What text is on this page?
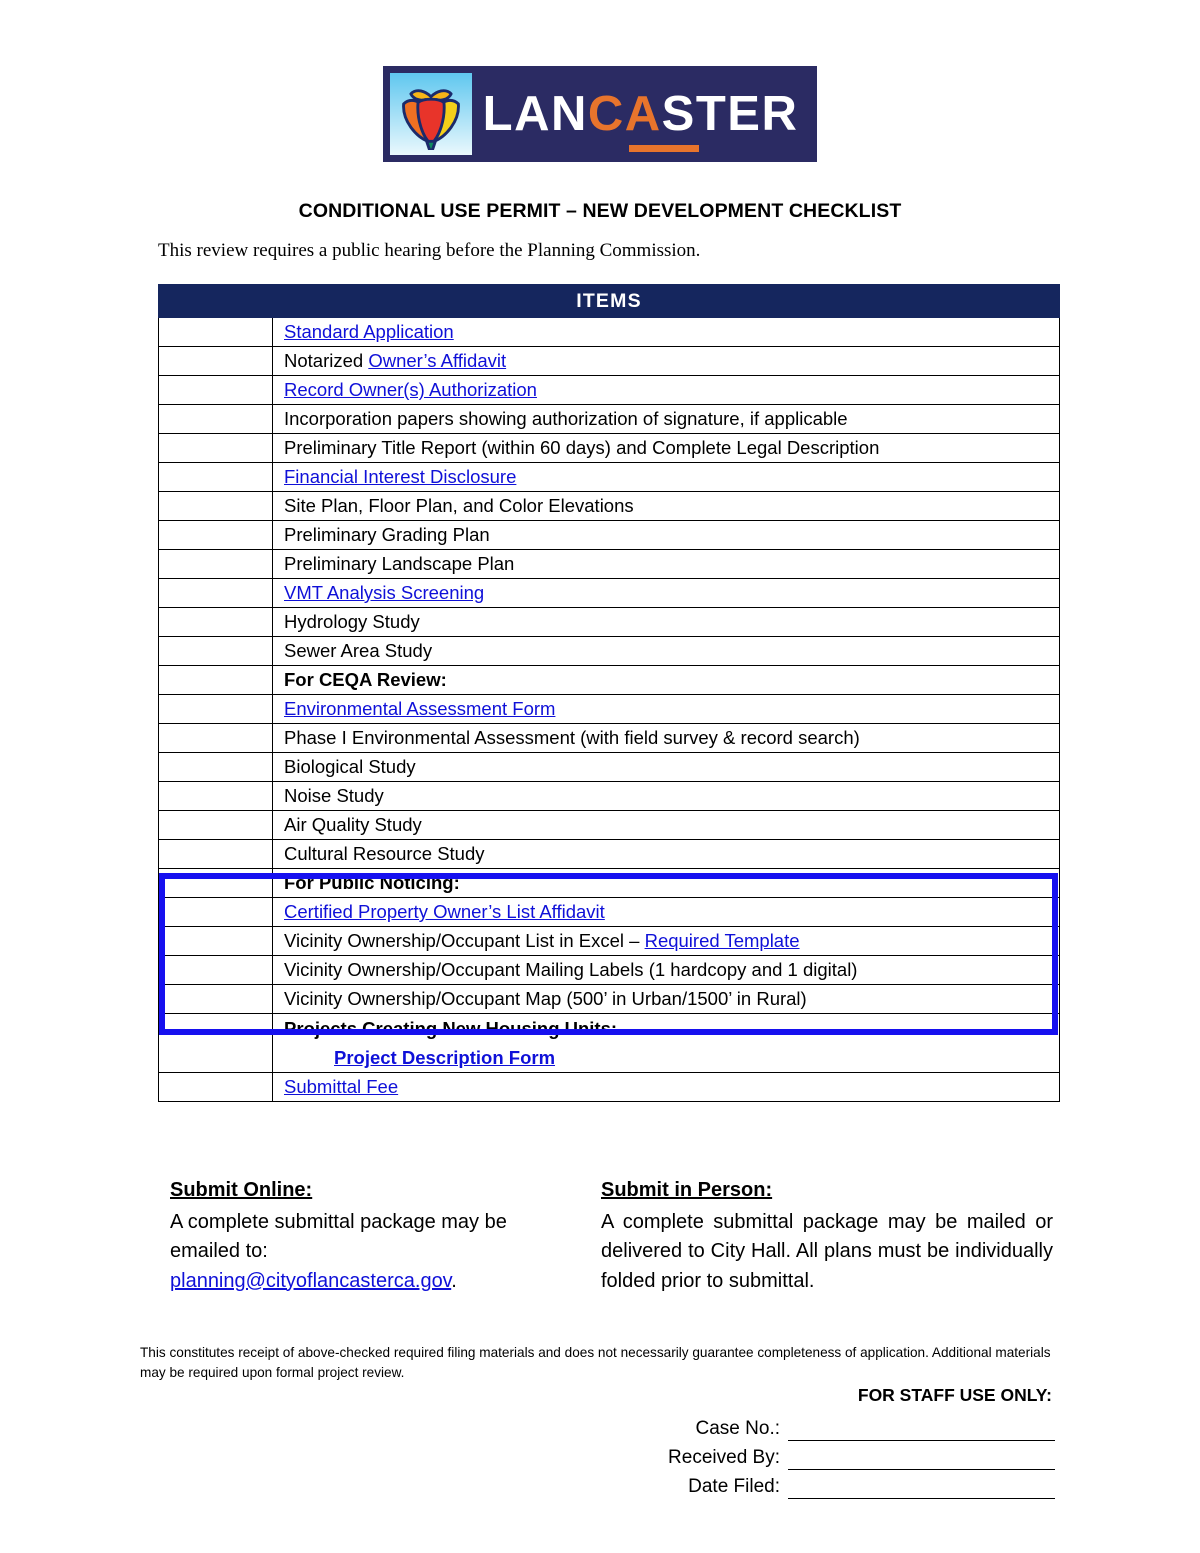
LANCASTER
CONDITIONAL USE PERMIT – NEW DEVELOPMENT CHECKLIST
This review requires a public hearing before the Planning Commission.
ITEMS	
	Standard Application
	Notarized Owner’s Affidavit
	Record Owner(s) Authorization
	Incorporation papers showing authorization of signature, if applicable
	Preliminary Title Report (within 60 days) and Complete Legal Description
	Financial Interest Disclosure
	Site Plan, Floor Plan, and Color Elevations
	Preliminary Grading Plan
	Preliminary Landscape Plan
	VMT Analysis Screening
	Hydrology Study
	Sewer Area Study
	For CEQA Review:
	Environmental Assessment Form
	Phase I Environmental Assessment (with field survey & record search)
	Biological Study
	Noise Study
	Air Quality Study
	Cultural Resource Study
	For Public Noticing:
	Certified Property Owner’s List Affidavit
	Vicinity Ownership/Occupant List in Excel – Required Template
	Vicinity Ownership/Occupant Mailing Labels (1 hardcopy and 1 digital)
	Vicinity Ownership/Occupant Map (500’ in Urban/1500’ in Rural)
	Projects Creating New Housing Units:
Project Description Form

	Submittal Fee
Submit Online:
A complete submittal package may be emailed to: planning@cityoflancasterca.gov.
Submit in Person:
A complete submittal package may be mailed or delivered to City Hall. All plans must be individually folded prior to submittal.
This constitutes receipt of above-checked required filing materials and does not necessarily guarantee completeness of application. Additional materials may be required upon formal project review.
FOR STAFF USE ONLY:
Case No.:
Received By:
Date Filed:
